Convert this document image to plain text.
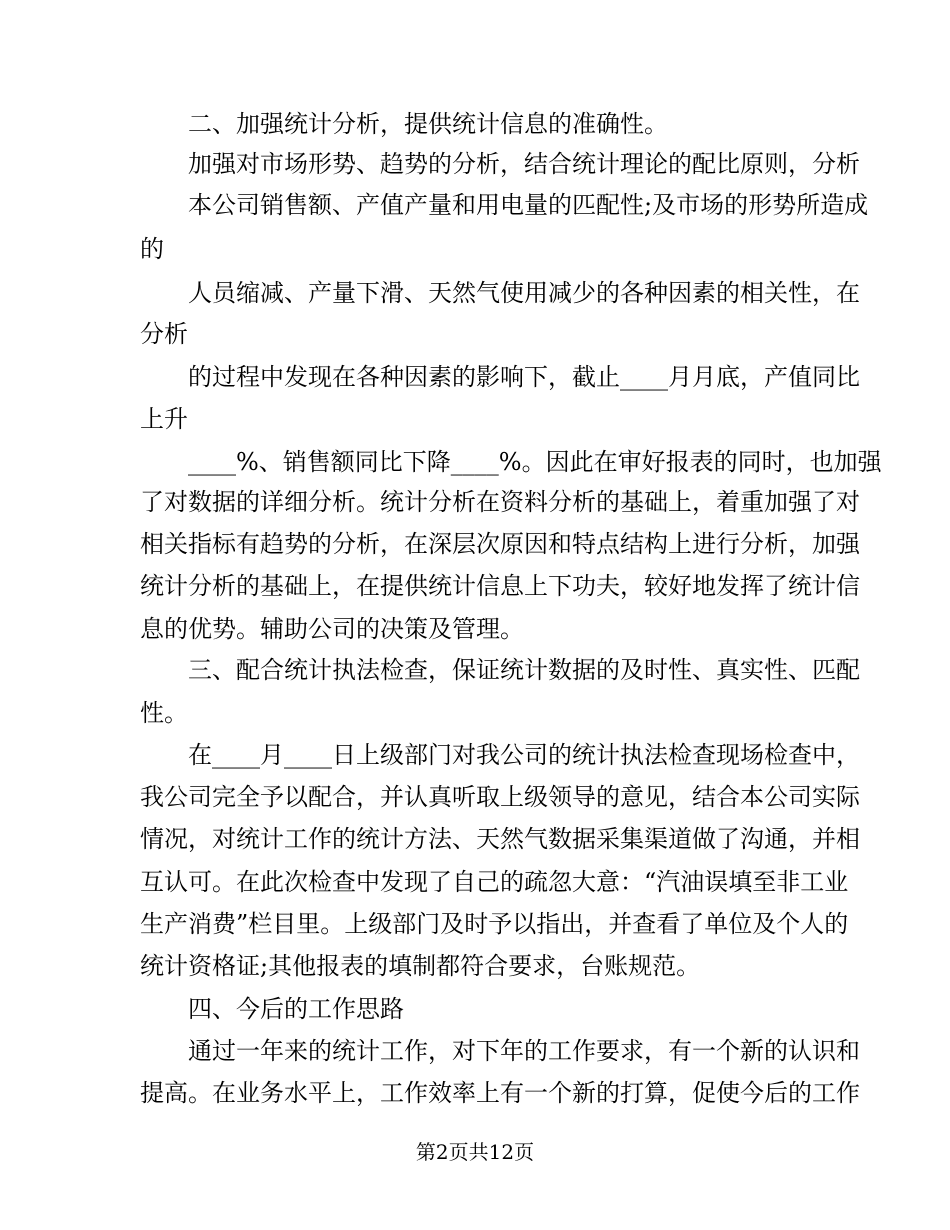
二、加强统计分析，提供统计信息的准确性。
加强对市场形势、趋势的分析，结合统计理论的配比原则，分析
本公司销售额、产值产量和用电量的匹配性;及市场的形势所造成
的
人员缩减、产量下滑、天然气使用减少的各种因素的相关性，在
分析
的过程中发现在各种因素的影响下，截止____月月底，产值同比
上升
____%、销售额同比下降____%。因此在审好报表的同时，也加强
了对数据的详细分析。统计分析在资料分析的基础上，着重加强了对
相关指标有趋势的分析，在深层次原因和特点结构上进行分析，加强
统计分析的基础上，在提供统计信息上下功夫，较好地发挥了统计信
息的优势。辅助公司的决策及管理。
三、配合统计执法检查，保证统计数据的及时性、真实性、匹配
性。
在____月____日上级部门对我公司的统计执法检查现场检查中，
我公司完全予以配合，并认真听取上级领导的意见，结合本公司实际
情况，对统计工作的统计方法、天然气数据采集渠道做了沟通，并相
互认可。在此次检查中发现了自己的疏忽大意：“汽油误填至非工业
生产消费”栏目里。上级部门及时予以指出，并查看了单位及个人的
统计资格证;其他报表的填制都符合要求，台账规范。
四、今后的工作思路
通过一年来的统计工作，对下年的工作要求，有一个新的认识和
提高。在业务水平上，工作效率上有一个新的打算，促使今后的工作
第2页共12页
